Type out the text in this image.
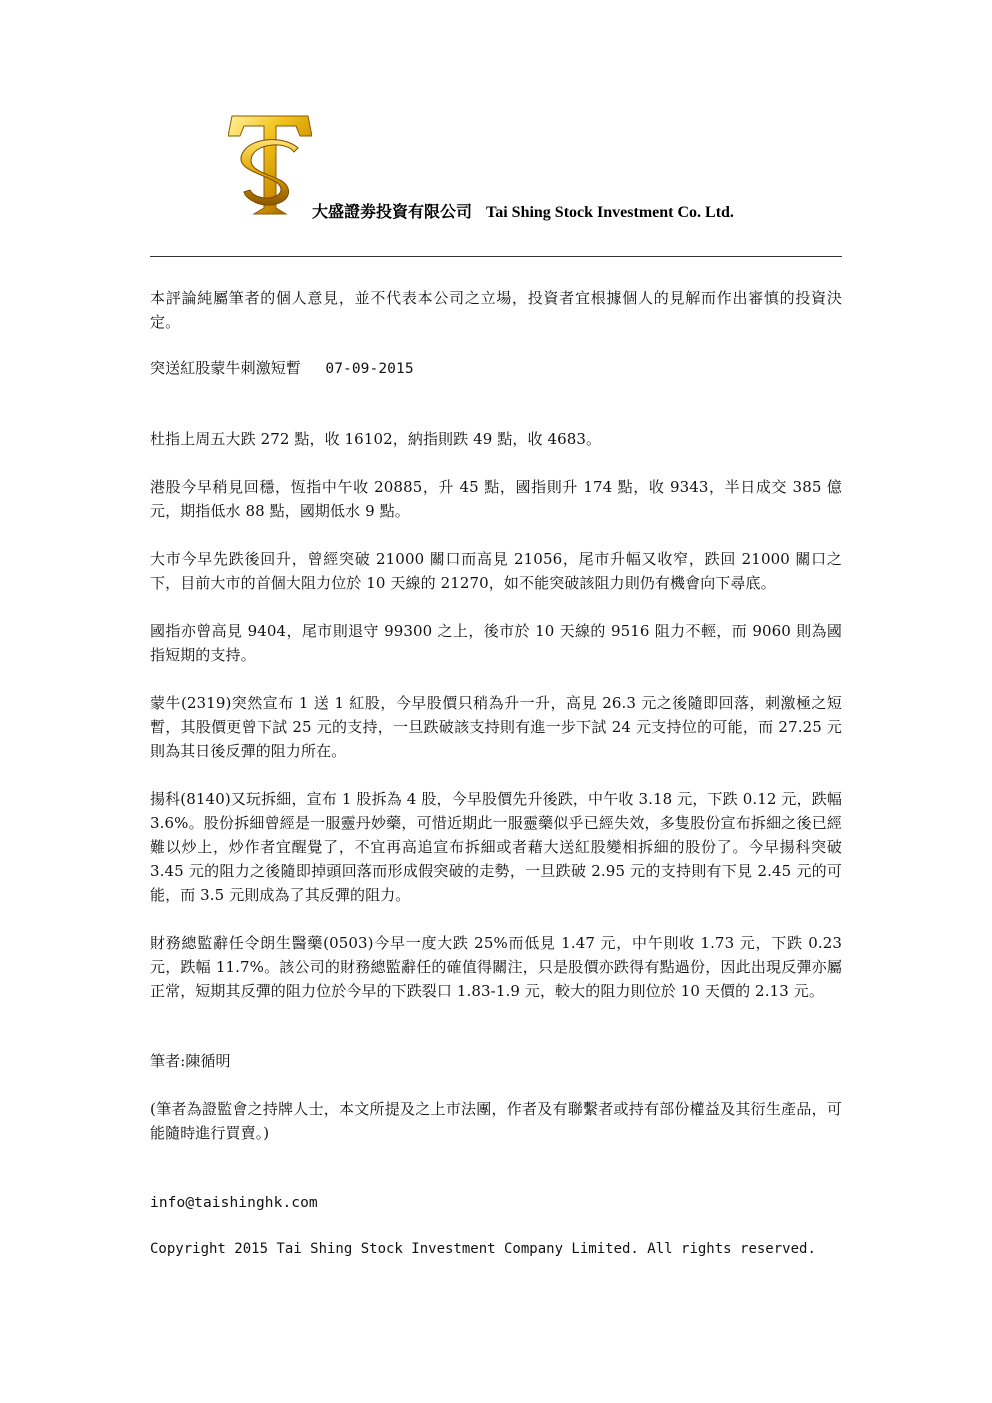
大盛證劵投資有限公司 Tai Shing Stock Investment Co. Ltd.

本評論純屬筆者的個人意見，並不代表本公司之立場，投資者宜根據個人的見解而作出審慎的投資決定。

突送紅股蒙牛刺激短暫 07-09-2015

杜指上周五大跌 272 點，收 16102，納指則跌 49 點，收 4683。

港股今早稍見回穩，恆指中午收 20885，升 45 點，國指則升 174 點，收 9343，半日成交 385 億元，期指低水 88 點，國期低水 9 點。

大市今早先跌後回升，曾經突破 21000 關口而高見 21056，尾市升幅又收窄，跌回 21000 關口之下，目前大市的首個大阻力位於 10 天線的 21270，如不能突破該阻力則仍有機會向下尋底。

國指亦曾高見 9404，尾市則退守 99300 之上，後市於 10 天線的 9516 阻力不輕，而 9060 則為國指短期的支持。

蒙牛(2319)突然宣布 1 送 1 紅股，今早股價只稍為升一升，高見 26.3 元之後隨即回落，刺激極之短暫，其股價更曾下試 25 元的支持，一旦跌破該支持則有進一步下試 24 元支持位的可能，而 27.25 元則為其日後反彈的阻力所在。

揚科(8140)又玩拆細，宣布 1 股拆為 4 股，今早股價先升後跌，中午收 3.18 元，下跌 0.12 元，跌幅 3.6%。股份拆細曾經是一服靈丹妙藥，可惜近期此一服靈藥似乎已經失效，多隻股份宣布拆細之後已經難以炒上，炒作者宜醒覺了，不宜再高追宣布拆細或者藉大送紅股變相拆細的股份了。今早揚科突破 3.45 元的阻力之後隨即掉頭回落而形成假突破的走勢，一旦跌破 2.95 元的支持則有下見 2.45 元的可能，而 3.5 元則成為了其反彈的阻力。

財務總監辭任令朗生醫藥(0503)今早一度大跌 25%而低見 1.47 元，中午則收 1.73 元，下跌 0.23 元，跌幅 11.7%。該公司的財務總監辭任的確值得關注，只是股價亦跌得有點過份，因此出現反彈亦屬正常，短期其反彈的阻力位於今早的下跌裂口 1.83-1.9 元，較大的阻力則位於 10 天價的 2.13 元。

筆者:陳循明

(筆者為證監會之持牌人士，本文所提及之上市法團，作者及有聯繫者或持有部份權益及其衍生產品，可能隨時進行買賣。)

info@taishinghk.com

Copyright 2015 Tai Shing Stock Investment Company Limited. All rights reserved.
